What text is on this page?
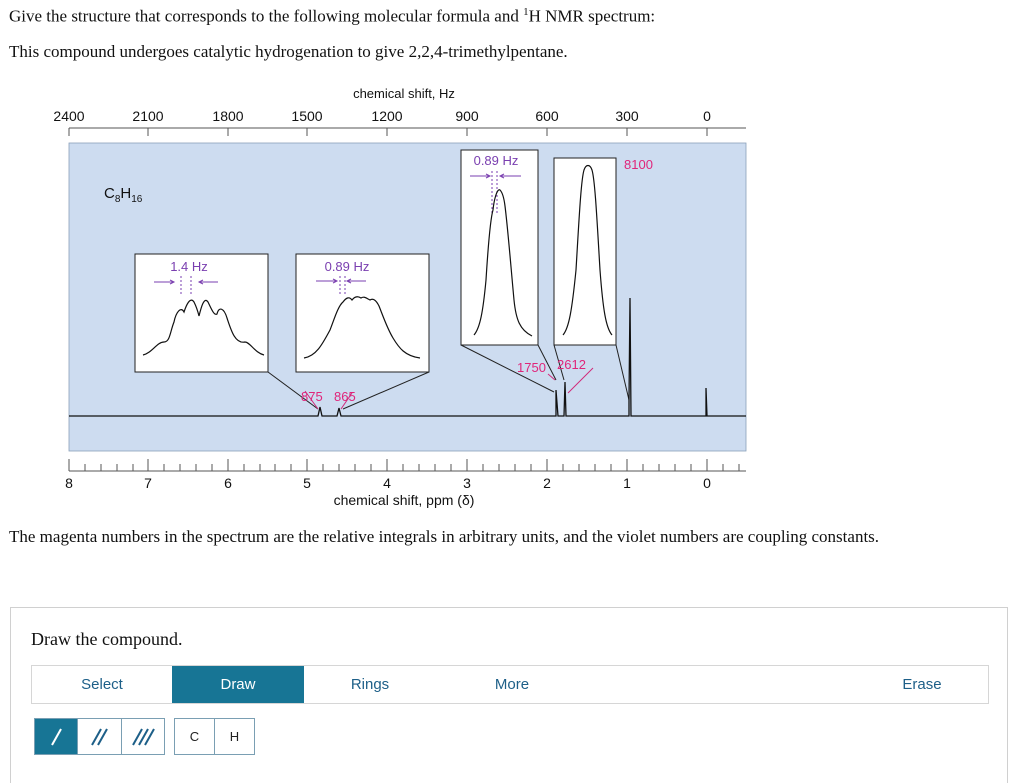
Give the structure that corresponds to the following molecular formula and $^1$H NMR spectrum:
This compound undergoes catalytic hydrogenation to give 2,2,4-trimethylpentane.
chemical shift, Hz
2400	2100	1800	1500	1200	900	600	300	0
$C_8H_{16}$
1.4 Hz	0.89 Hz
0.89 Hz
875 865
1750 2612
8100
8	7	6	5	4	3	2	1	0
chemical shift, ppm (δ)
The magenta numbers in the spectrum are the relative integrals in arbitrary units, and the violet numbers are coupling constants.
Draw the compound.
Select	Draw	Rings	More	Erase
C	H
